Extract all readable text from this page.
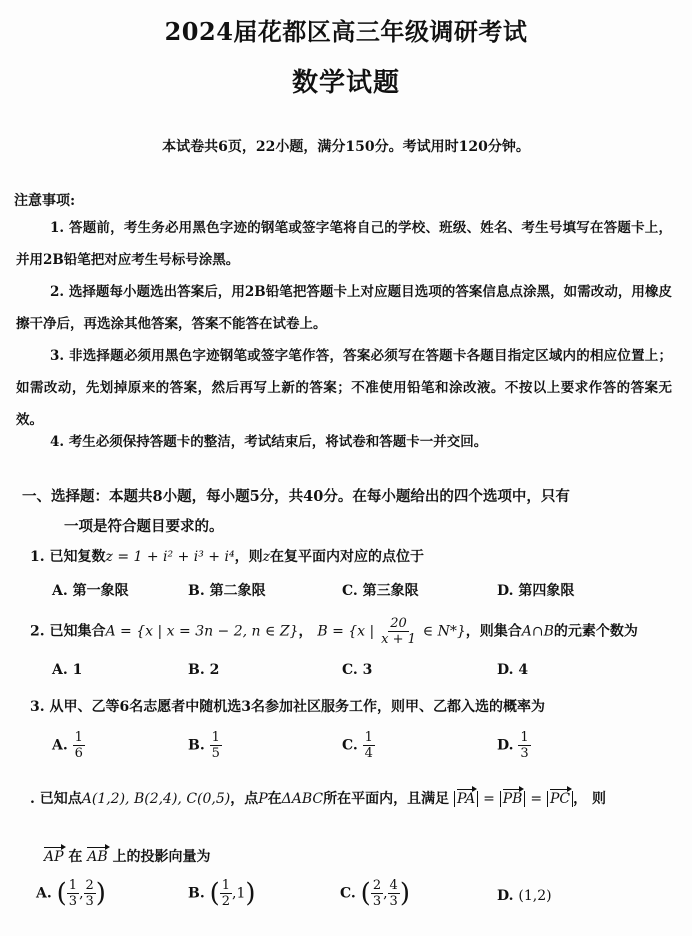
2024届花都区高三年级调研考试
数学试题
本试卷共6页，22小题，满分150分。考试用时120分钟。
注意事项:
1. 答题前，考生务必用黑色字迹的钢笔或签字笔将自己的学校、班级、姓名、考生号填写在答题卡上，并用2B铅笔把对应考生号标号涂黑。
2. 选择题每小题选出答案后，用2B铅笔把答题卡上对应题目选项的答案信息点涂黑，如需改动，用橡皮擦干净后，再选涂其他答案，答案不能答在试卷上。
3. 非选择题必须用黑色字迹钢笔或签字笔作答，答案必须写在答题卡各题目指定区域内的相应位置上；如需改动，先划掉原来的答案，然后再写上新的答案；不准使用铅笔和涂改液。不按以上要求作答的答案无效。
4. 考生必须保持答题卡的整洁，考试结束后，将试卷和答题卡一并交回。
一、选择题：本题共8小题，每小题5分，共40分。在每小题给出的四个选项中，只有
一项是符合题目要求的。
1. 已知复数z = 1 + i² + i³ + i⁴，则z在复平面内对应的点位于
A. 第一象限	B. 第二象限	C. 第三象限	D. 第四象限
2. 已知集合A = {x | x = 3n − 2, n ∈ Z}， B = {x | $\frac{20}{x + 1}$ ∈ N*}，则集合A∩B的元素个数为
A. 1	B. 2	C. 3	D. 4
3. 从甲、乙等6名志愿者中随机选3名参加社区服务工作，则甲、乙都入选的概率为
A. $\frac{1}{6}$	B. $\frac{1}{5}$	C. $\frac{1}{4}$	D. $\frac{1}{3}$
. 已知点A(1,2), B(2,4), C(0,5)，点P在ΔABC所在平面内，且满足 PA = PB = PC ， 则
AP 在 AB 上的投影向量为
A. ( $\frac{1}{3}$ , $\frac{2}{3}$ )	B. ( $\frac{1}{2} ,1$)	C. ( $\frac{2}{3}$ , $\frac{4}{3}$ )	D. (1,2)
